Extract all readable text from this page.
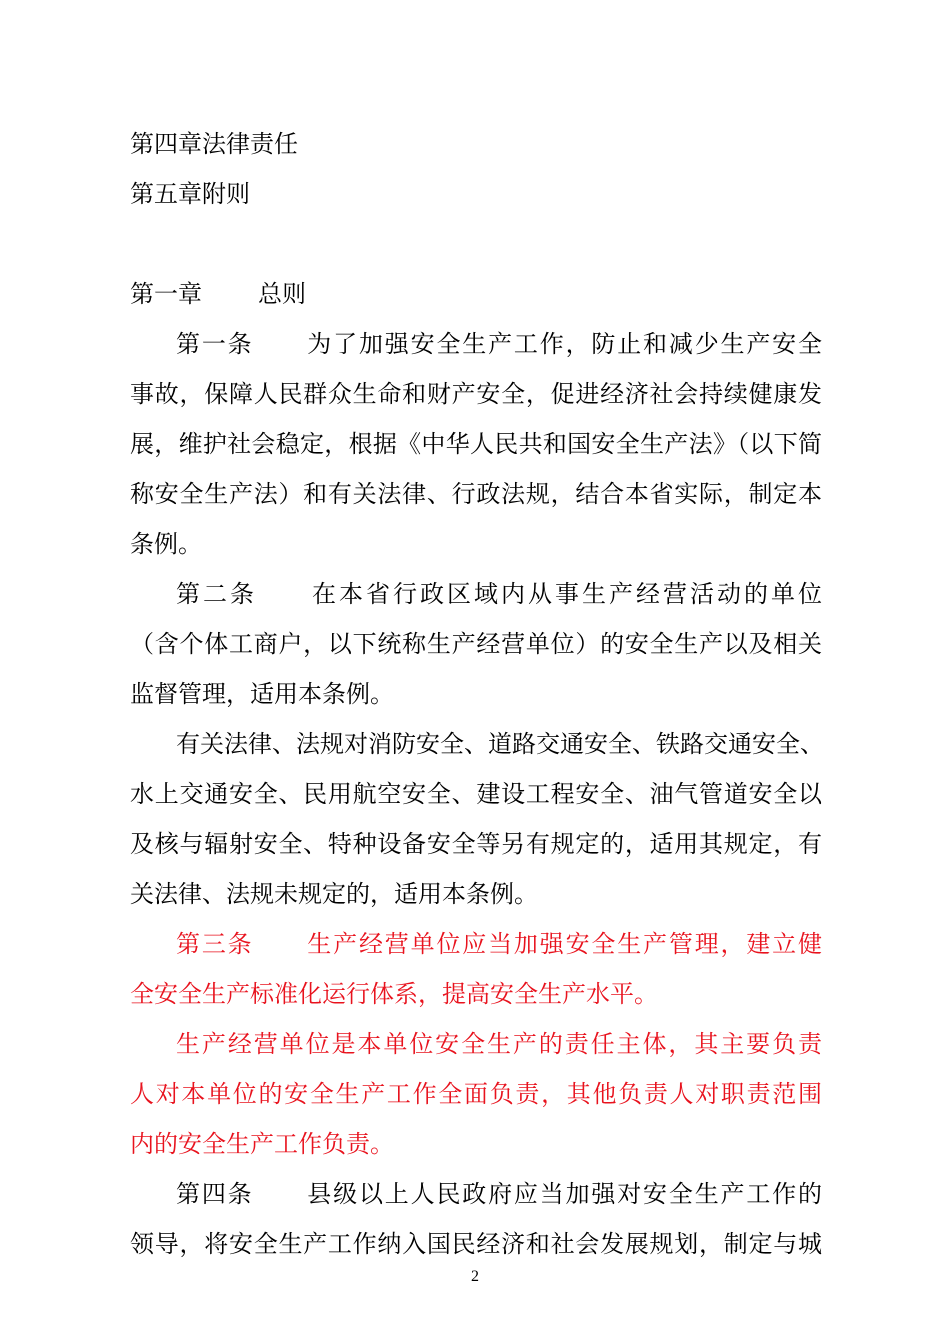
第四章法律责任
第五章附则
第一章 总则
第一条 为了加强安全生产工作，防止和减少生产安全
事故，保障人民群众生命和财产安全，促进经济社会持续健康发
展，维护社会稳定，根据《中华人民共和国安全生产法》（以下简
称安全生产法）和有关法律、行政法规，结合本省实际，制定本
条例。
第二条 在本省行政区域内从事生产经营活动的单位
（含个体工商户，以下统称生产经营单位）的安全生产以及相关
监督管理，适用本条例。
有关法律、法规对消防安全、道路交通安全、铁路交通安全、
水上交通安全、民用航空安全、建设工程安全、油气管道安全以
及核与辐射安全、特种设备安全等另有规定的，适用其规定，有
关法律、法规未规定的，适用本条例。
第三条 生产经营单位应当加强安全生产管理，建立健
全安全生产标准化运行体系，提高安全生产水平。
生产经营单位是本单位安全生产的责任主体，其主要负责
人对本单位的安全生产工作全面负责，其他负责人对职责范围
内的安全生产工作负责。
第四条 县级以上人民政府应当加强对安全生产工作的
领导，将安全生产工作纳入国民经济和社会发展规划，制定与城
2
